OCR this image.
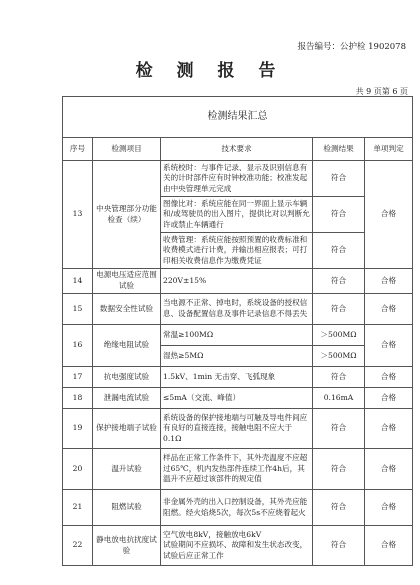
报告编号：公护检 1902078
检 测 报 告
共 9 页第 6 页
检测结果汇总				
序号	检测项目	技术要求	检测结果	单项判定
13	中央管理部分功能检查（续）	系统校时：与事件记录、显示及识别信息有关的计时部件应有时钟校准功能；校准发起由中央管理单元完成	符合	合格
		图像比对：系统应能在同一界面上显示车辆和/或驾驶员的出入图片，提供比对以判断允许或禁止车辆通行	符合	
		收费管理：系统应能按照预置的收费标准和收费模式进行计费，并输出相应报表；可打印相关收费信息作为缴费凭证	符合	
14	电源电压适应范围试验	220V±15%	符合	合格
15	数据安全性试验	当电源不正常、掉电时，系统设备的授权信息、设备配置信息及事件记录信息不得丢失	符合	合格
16	绝缘电阻试验	常温≥100MΩ	＞500MΩ	合格
		湿热≥5MΩ	＞500MΩ	
17	抗电强度试验	1.5kV、1min 无击穿、飞弧现象	符合	合格
18	泄漏电流试验	≤5mA（交流、峰值）	0.16mA	合格
19	保护接地端子试验	系统设备的保护接地端与可触及导电件间应有良好的直接连接，接触电阻不应大于0.1Ω	符合	合格
20	温升试验	样品在正常工作条件下，其外壳温度不应超过65℃，机内发热部件连续工作4h后，其温升不应超过该部件的规定值	符合	合格
21	阻燃试验	非金属外壳的出入口控制设备，其外壳应能阻燃。经火焰烧5次，每次5s不应烧着起火	符合	合格
22	静电放电抗扰度试验	空气放电8kV，接触放电6kV
试验期间不应损坏、故障和发生状态改变，试验后应正常工作	符合	合格
